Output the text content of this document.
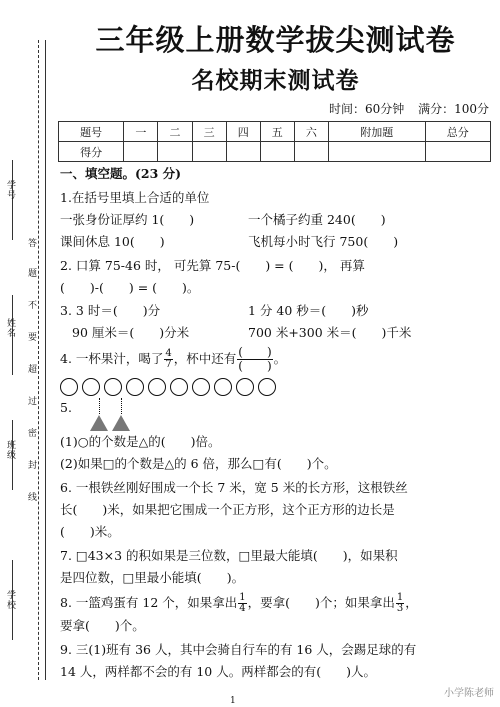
学号
姓名
班级
学校
答
题
不
要
超
过
密
封
线
三年级上册数学拔尖测试卷
名校期末测试卷
时间：60分钟 满分：100分
题号	一	二	三	四	五	六	附加题	总分
得分								
一、填空题。(23 分)
1.在括号里填上合适的单位
一张身份证厚约 1(　　)	一个橘子约重 240(　　)
课间休息 10(　　)	飞机每小时飞行 750(　　)
2. 口算 75-46 时， 可先算 75-(　　) = (　　)， 再算
(　　)-(　　) = (　　)。
3. 3 时＝(　　)分	1 分 40 秒＝(　　)秒
90 厘米＝(　　)分米	700 米+300 米＝(　　)千米
4. 一杯果汁，喝了 $\frac{4}{7}$ ，杯中还有 $\frac{( )}{( )}$ 。
5.
(1)○的个数是△的(　　)倍。
(2)如果□的个数是△的 6 倍，那么□有(　　)个。
6. 一根铁丝刚好围成一个长 7 米，宽 5 米的长方形，这根铁丝
长(　　)米，如果把它围成一个正方形，这个正方形的边长是
(　　)米。
7. □43×3 的积如果是三位数，□里最大能填(　　)，如果积
是四位数，□里最小能填(　　)。
8. 一篮鸡蛋有 12 个，如果拿出 $\frac{1}{4}$ ，要拿(　　)个；如果拿出 $\frac{1}{3}$ ，
要拿(　　)个。
9. 三(1)班有 36 人，其中会骑自行车的有 16 人，会踢足球的有
14 人，两样都不会的有 10 人。两样都会的有(　　)人。
1
小学陈老师
